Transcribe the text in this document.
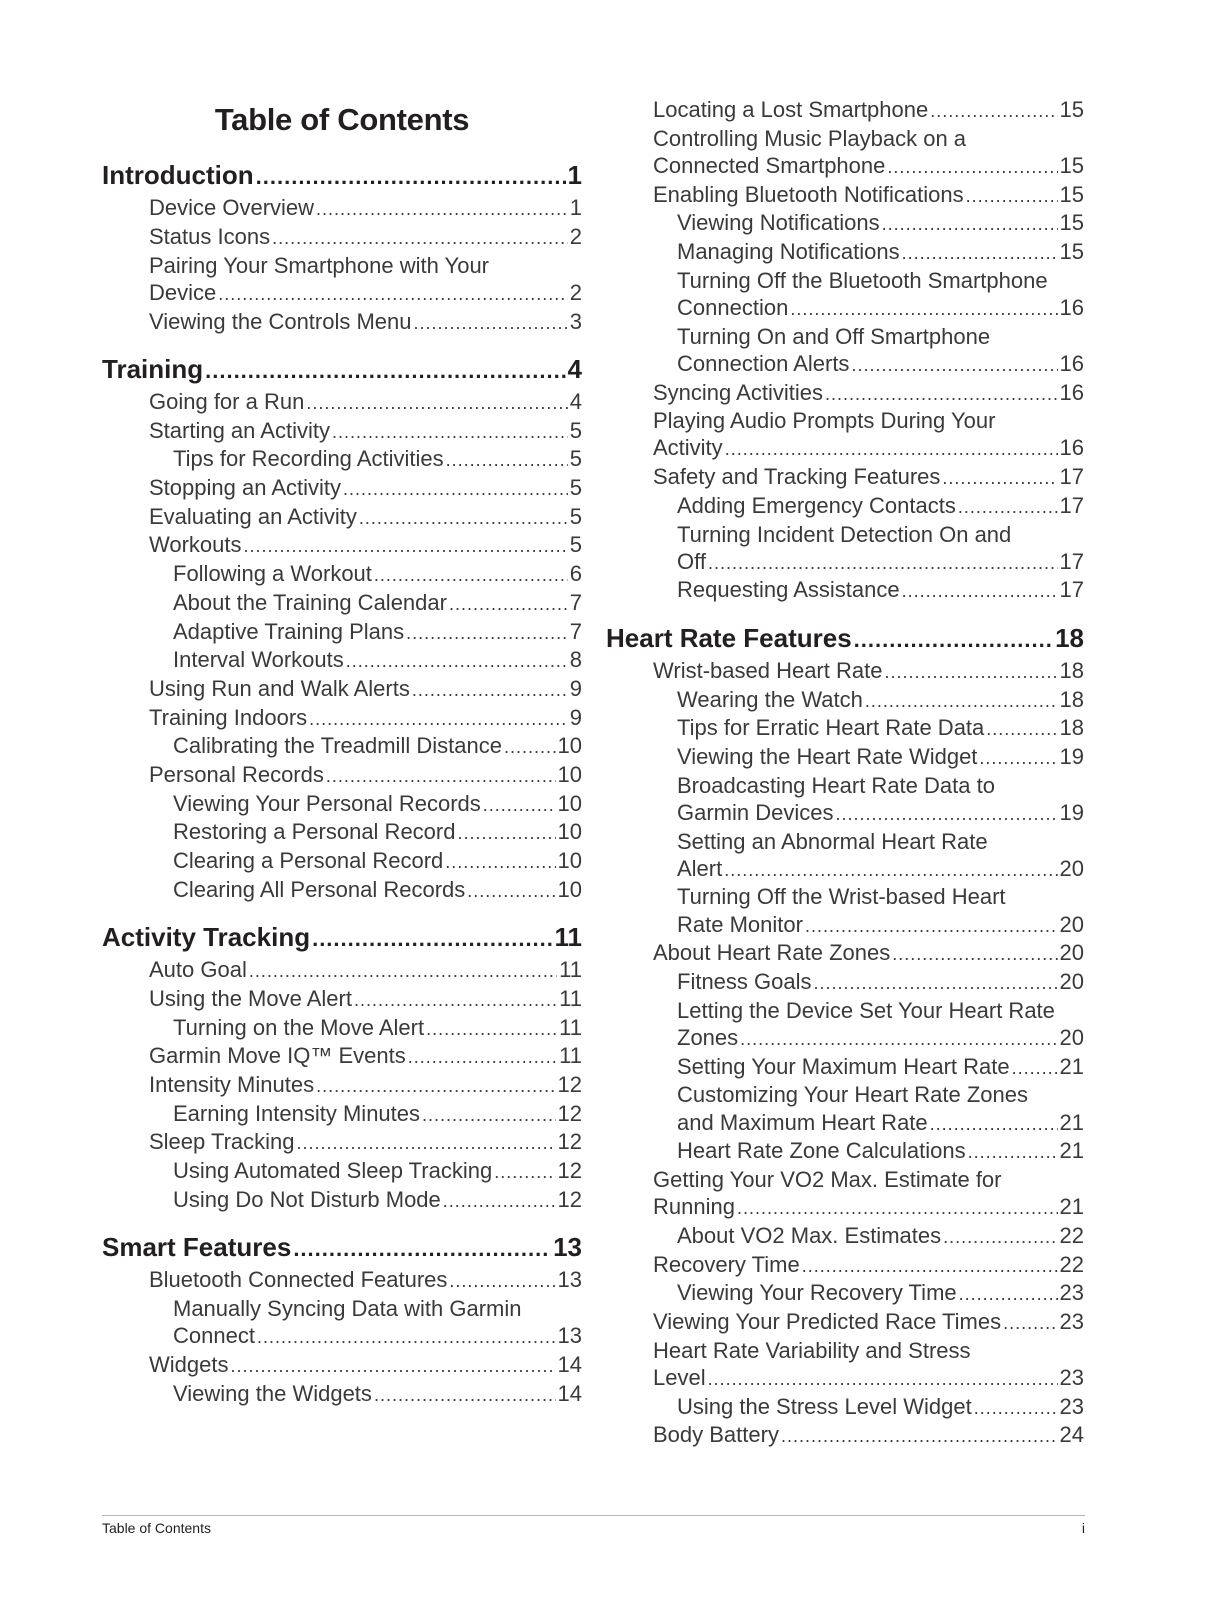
Table of Contents
Introduction .....	1
Device Overview .....	1
Status Icons .....	2
Pairing Your Smartphone with Your
Device .....	2
Viewing the Controls Menu .....	3
Training .....	4
Going for a Run .....	4
Starting an Activity .....	5
Tips for Recording Activities .....	5
Stopping an Activity .....	5
Evaluating an Activity .....	5
Workouts .....	5
Following a Workout .....	6
About the Training Calendar .....	7
Adaptive Training Plans .....	7
Interval Workouts .....	8
Using Run and Walk Alerts .....	9
Training Indoors .....	9
Calibrating the Treadmill Distance .....	10
Personal Records .....	10
Viewing Your Personal Records .....	10
Restoring a Personal Record .....	10
Clearing a Personal Record .....	10
Clearing All Personal Records .....	10
Activity Tracking .....	11
Auto Goal .....	11
Using the Move Alert .....	11
Turning on the Move Alert .....	11
Garmin Move IQ™ Events .....	11
Intensity Minutes .....	12
Earning Intensity Minutes .....	12
Sleep Tracking .....	12
Using Automated Sleep Tracking .....	12
Using Do Not Disturb Mode .....	12
Smart Features .....	13
Bluetooth Connected Features .....	13
Manually Syncing Data with Garmin
Connect .....	13
Widgets .....	14
Viewing the Widgets .....	14
Locating a Lost Smartphone .....	15
Controlling Music Playback on a
Connected Smartphone .....	15
Enabling Bluetooth Notifications .....	15
Viewing Notifications .....	15
Managing Notifications .....	15
Turning Off the Bluetooth Smartphone
Connection .....	16
Turning On and Off Smartphone
Connection Alerts .....	16
Syncing Activities .....	16
Playing Audio Prompts During Your
Activity .....	16
Safety and Tracking Features .....	17
Adding Emergency Contacts .....	17
Turning Incident Detection On and
Off .....	17
Requesting Assistance .....	17
Heart Rate Features .....	18
Wrist-based Heart Rate .....	18
Wearing the Watch .....	18
Tips for Erratic Heart Rate Data .....	18
Viewing the Heart Rate Widget .....	19
Broadcasting Heart Rate Data to
Garmin Devices .....	19
Setting an Abnormal Heart Rate
Alert .....	20
Turning Off the Wrist-based Heart
Rate Monitor .....	20
About Heart Rate Zones .....	20
Fitness Goals .....	20
Letting the Device Set Your Heart Rate
Zones .....	20
Setting Your Maximum Heart Rate ..... 21
Customizing Your Heart Rate Zones
and Maximum Heart Rate .....	21
Heart Rate Zone Calculations .....	21
Getting Your VO2 Max. Estimate for
Running .....	21
About VO2 Max. Estimates .....	22
Recovery Time .....	22
Viewing Your Recovery Time .....	23
Viewing Your Predicted Race Times .....	23
Heart Rate Variability and Stress
Level .....	23
Using the Stress Level Widget .....	23
Body Battery .....	24
Table of Contents	i
